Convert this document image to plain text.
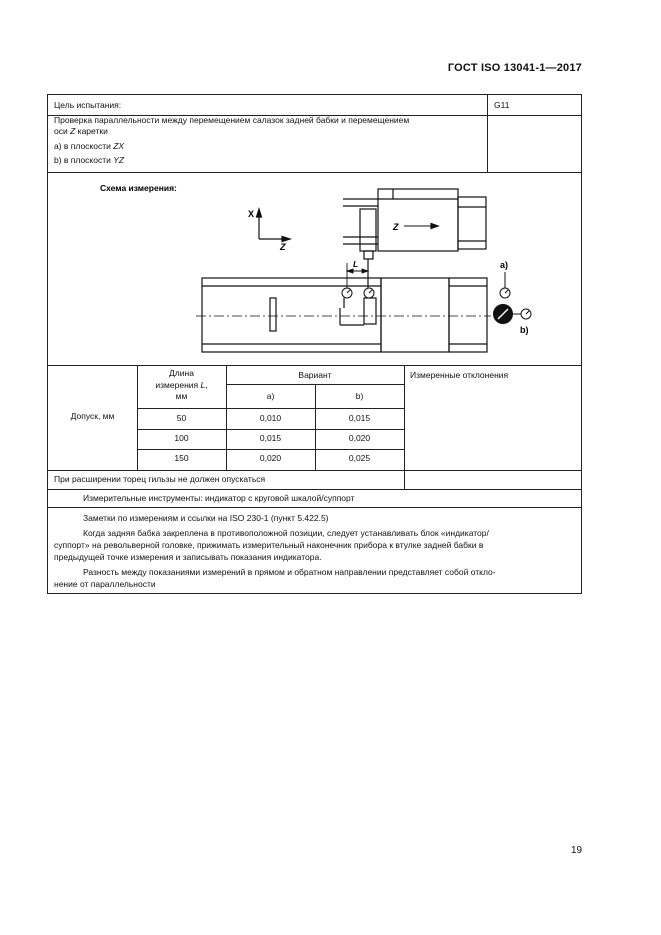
ГОСТ ISO 13041-1—2017
Цель испытания:	G11
Проверка параллельности между перемещением салазок задней бабки и перемещением
оси Z каретки
a) в плоскости ZX
b) в плоскости YZ
Схема измерения:
X
Z
Z
L	a)
b)
Допуск, мм
Длина
измерения L,
мм
Вариант
a)	b)
Измеренные отклонения
50	0,010	0,015
100	0,015	0,020
150	0,020	0,025
При расширении торец гильзы не должен опускаться
Измерительные инструменты: индикатор с круговой шкалой/суппорт
Заметки по измерениям и ссылки на ISO 230-1 (пункт 5.422.5)
Когда задняя бабка закреплена в противоположной позиции, следует устанавливать блок «индикатор/
суппорт» на револьверной головке, прижимать измерительный наконечник прибора к втулке задней бабки в
предыдущей точке измерения и записывать показания индикатора.
Разность между показаниями измерений в прямом и обратном направлении представляет собой откло-
нение от параллельности
19
